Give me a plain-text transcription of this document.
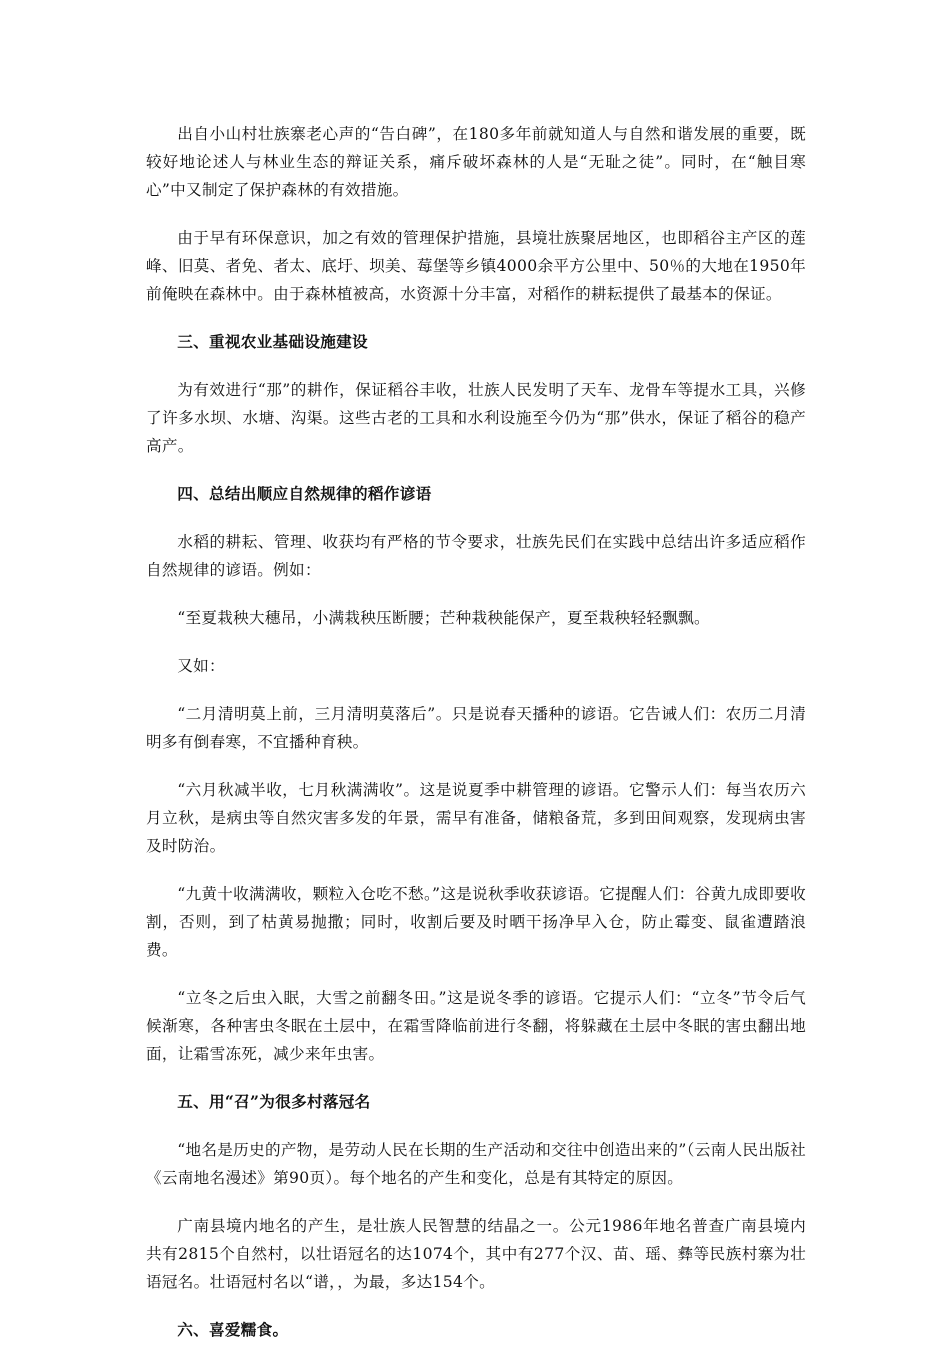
出自小山村壮族寨老心声的“告白碑”，在180多年前就知道人与自然和谐发展的重要，既较好地论述人与林业生态的辩证关系，痛斥破坏森林的人是“无耻之徒”。同时，在“触目寒心”中又制定了保护森林的有效措施。

由于早有环保意识，加之有效的管理保护措施，县境壮族聚居地区，也即稻谷主产区的莲峰、旧莫、者免、者太、底圩、坝美、莓堡等乡镇4000余平方公里中、50％的大地在1950年前俺映在森林中。由于森林植被高，水资源十分丰富，对稻作的耕耘提供了最基本的保证。

三、重视农业基础设施建设

为有效进行“那”的耕作，保证稻谷丰收，壮族人民发明了天车、龙骨车等提水工具，兴修了许多水坝、水塘、沟渠。这些古老的工具和水利设施至今仍为“那”供水，保证了稻谷的稳产高产。

四、总结出顺应自然规律的稻作谚语

水稻的耕耘、管理、收获均有严格的节令要求，壮族先民们在实践中总结出许多适应稻作自然规律的谚语。例如：

“至夏栽秧大穗吊，小满栽秧压断腰；芒种栽秧能保产，夏至栽秧轻轻飘飘。

又如：

“二月清明莫上前，三月清明莫落后”。只是说春天播种的谚语。它告诫人们：农历二月清明多有倒春寒，不宜播种育秧。

“六月秋减半收，七月秋满满收”。这是说夏季中耕管理的谚语。它警示人们：每当农历六月立秋，是病虫等自然灾害多发的年景，需早有准备，储粮备荒，多到田间观察，发现病虫害及时防治。

“九黄十收满满收，颗粒入仓吃不愁。”这是说秋季收获谚语。它提醒人们：谷黄九成即要收割，否则，到了枯黄易抛撒；同时，收割后要及时晒干扬净早入仓，防止霉变、鼠雀遭踏浪费。

“立冬之后虫入眠，大雪之前翻冬田。”这是说冬季的谚语。它提示人们：“立冬”节令后气候渐寒，各种害虫冬眠在土层中，在霜雪降临前进行冬翻，将躲藏在土层中冬眠的害虫翻出地面，让霜雪冻死，减少来年虫害。

五、用“召”为很多村落冠名

“地名是历史的产物，是劳动人民在长期的生产活动和交往中创造出来的”（云南人民出版社《云南地名漫述》第90页）。每个地名的产生和变化，总是有其特定的原因。

广南县境内地名的产生，是壮族人民智慧的结晶之一。公元1986年地名普查广南县境内共有2815个自然村，以壮语冠名的达1074个，其中有277个汉、苗、瑶、彝等民族村寨为壮语冠名。壮语冠村名以“谱，，为最，多达154个。

六、喜爱糯食。
